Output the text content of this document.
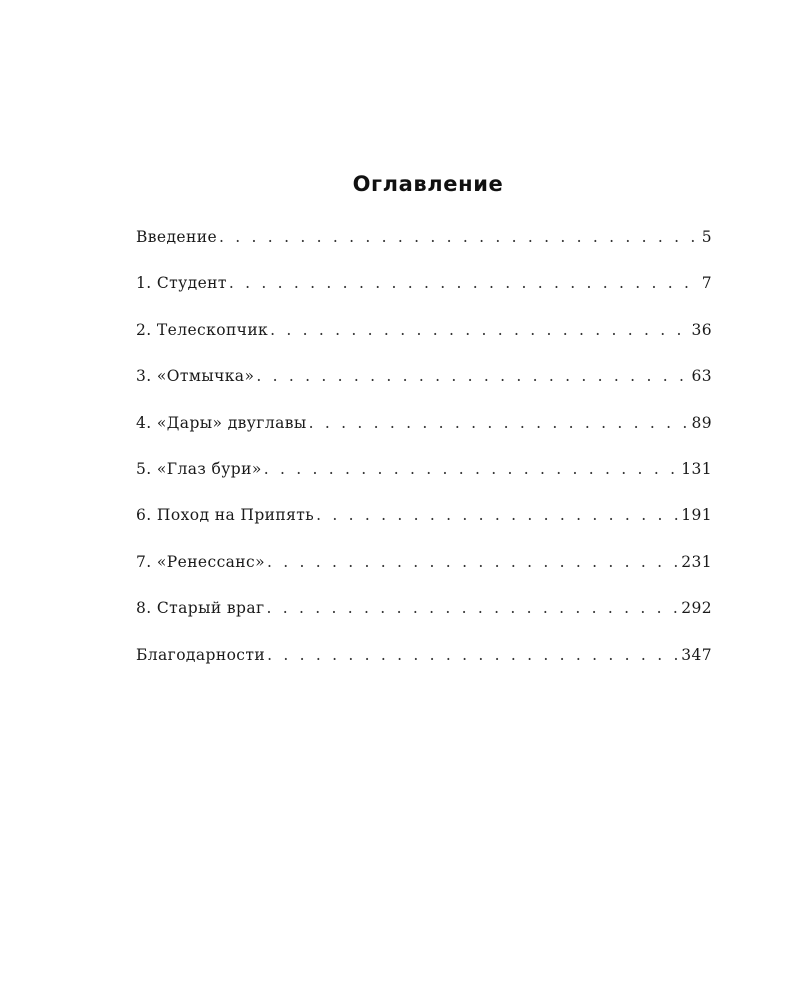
Оглавление
Введение . . .	5
1. Студент . . .	7
2. Телескопчик . . .	36
3. «Отмычка» . . .	63
4. «Дары» двуглавы . . .	89
5. «Глаз бури» . . .	131
6. Поход на Припять . . .	191
7. «Ренессанс» . . .	231
8. Старый враг . . .	292
Благодарности . . .	347
